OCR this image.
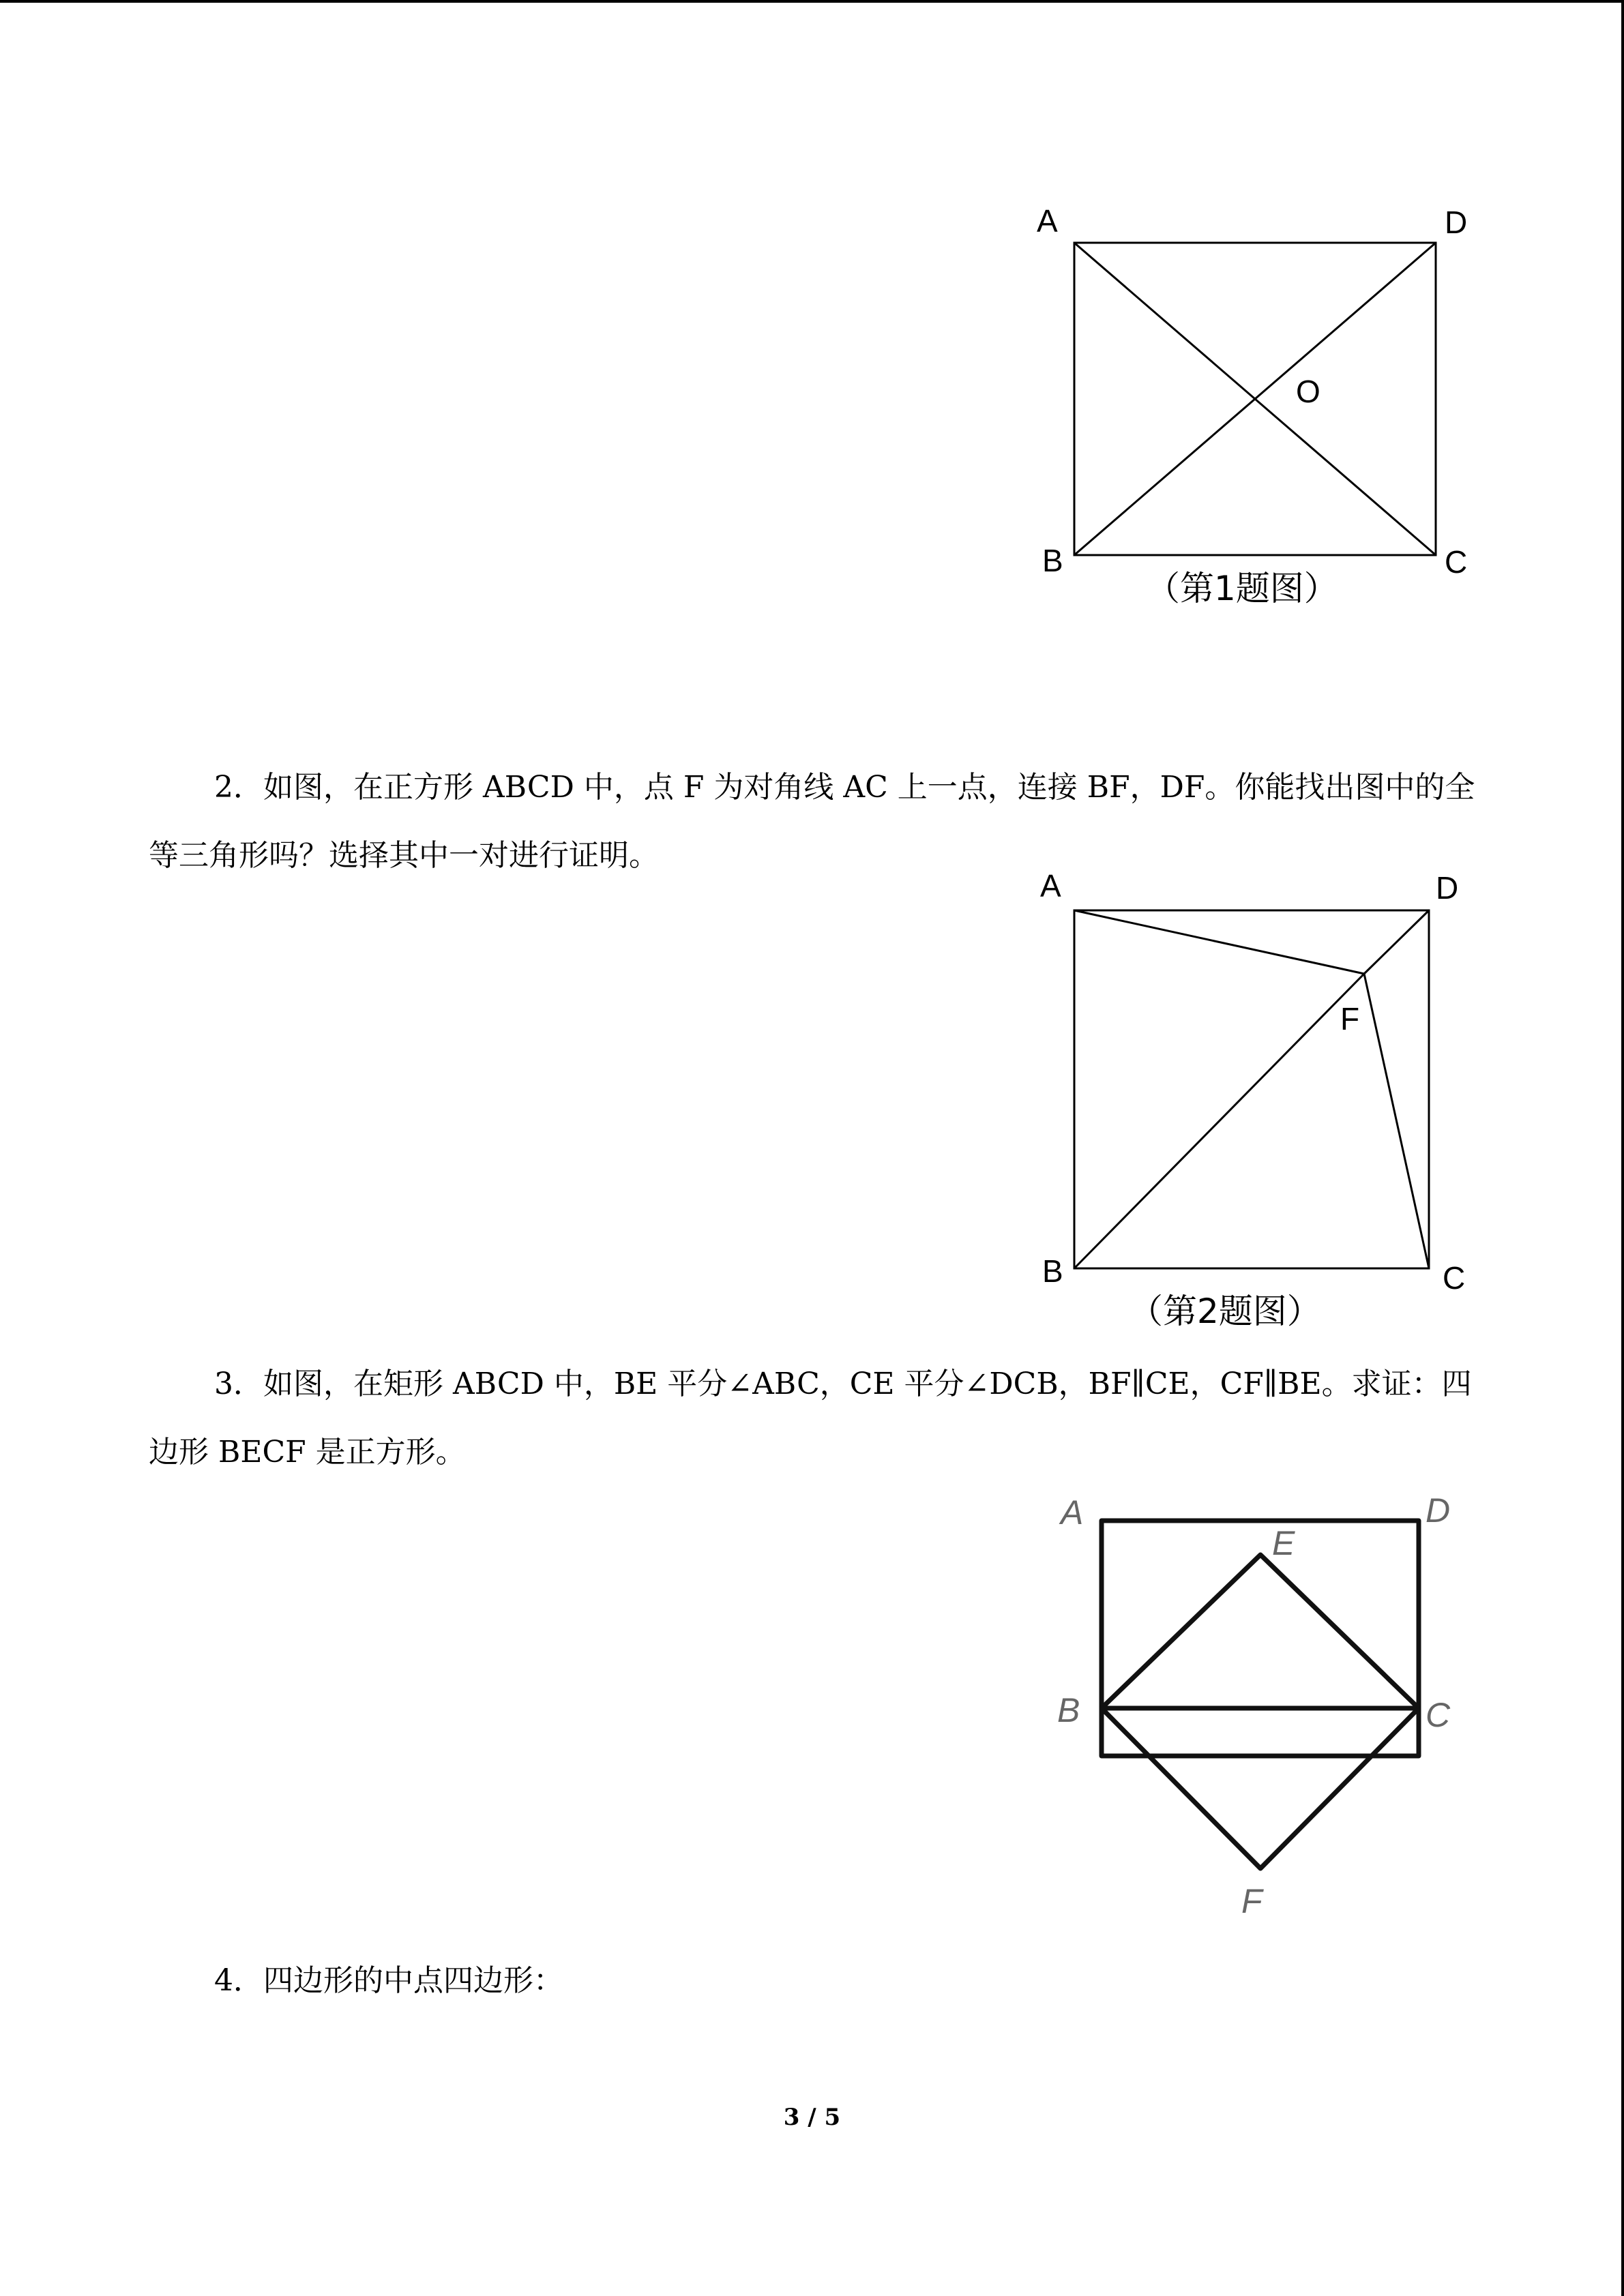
A	D
O
B	C
（第1题图）

2．如图，在正方形 ABCD 中，点 F 为对角线 AC 上一点，连接 BF，DF。你能找出图中的全等三角形吗？选择其中一对进行证明。

A	D
F
B	C
（第2题图）

3．如图，在矩形 ABCD 中，BE 平分∠ABC，CE 平分∠DCB，BF∥CE，CF∥BE。求证：四边形 BECF 是正方形。

A	D
E
B	C
F

4．四边形的中点四边形：

3 / 5
